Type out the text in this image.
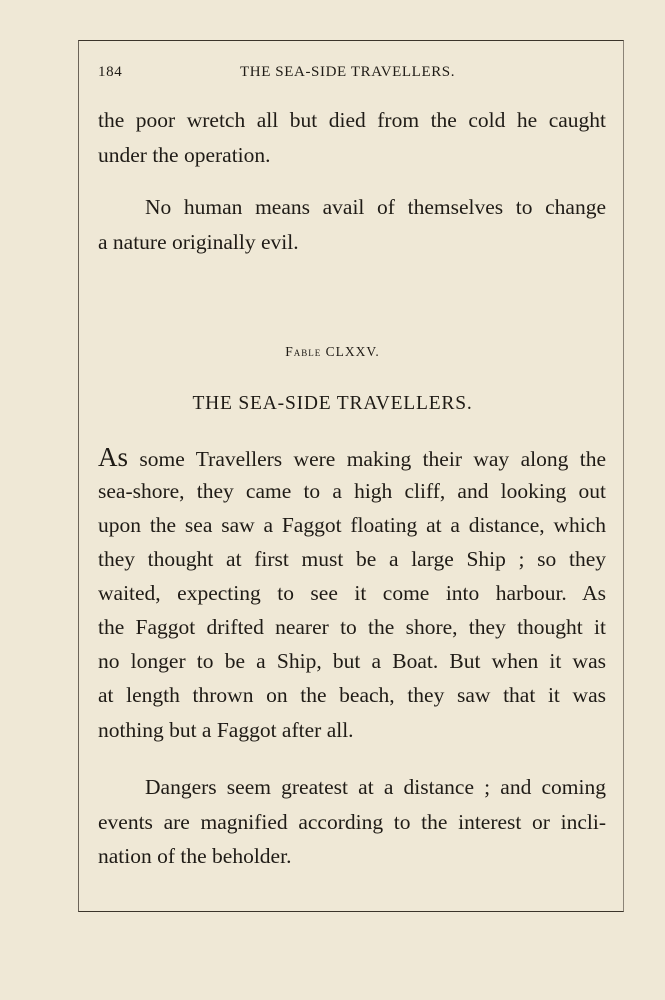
184	THE SEA-SIDE TRAVELLERS.
the poor wretch all but died from the cold he caught
under the operation.
No human means avail of themselves to change
a nature originally evil.
Fable CLXXV.
THE SEA-SIDE TRAVELLERS.
As some Travellers were making their way along the
sea-shore, they came to a high cliff, and looking out
upon the sea saw a Faggot floating at a distance, which
they thought at first must be a large Ship ; so they
waited, expecting to see it come into harbour. As
the Faggot drifted nearer to the shore, they thought it
no longer to be a Ship, but a Boat. But when it was
at length thrown on the beach, they saw that it was
nothing but a Faggot after all.
Dangers seem greatest at a distance ; and coming
events are magnified according to the interest or incli-
nation of the beholder.
